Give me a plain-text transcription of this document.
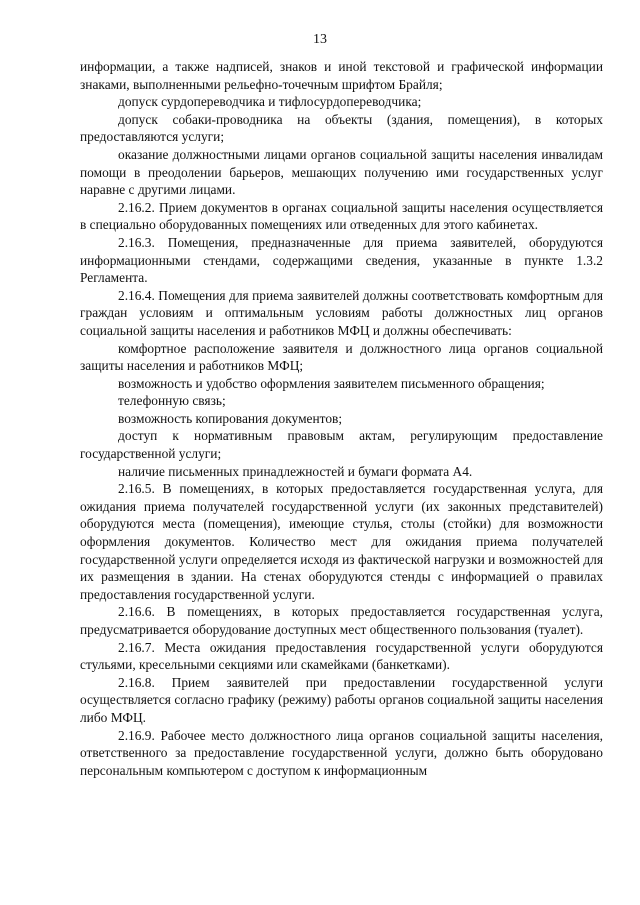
13

информации, а также надписей, знаков и иной текстовой и графической информации знаками, выполненными рельефно-точечным шрифтом Брайля;

допуск сурдопереводчика и тифлосурдопереводчика;

допуск собаки-проводника на объекты (здания, помещения), в которых предоставляются услуги;

оказание должностными лицами органов социальной защиты населения инвалидам помощи в преодолении барьеров, мешающих получению ими государственных услуг наравне с другими лицами.

2.16.2. Прием документов в органах социальной защиты населения осуществляется в специально оборудованных помещениях или отведенных для этого кабинетах.

2.16.3. Помещения, предназначенные для приема заявителей, оборудуются информационными стендами, содержащими сведения, указанные в пункте 1.3.2 Регламента.

2.16.4. Помещения для приема заявителей должны соответствовать комфортным для граждан условиям и оптимальным условиям работы должностных лиц органов социальной защиты населения и работников МФЦ и должны обеспечивать:

комфортное расположение заявителя и должностного лица органов социальной защиты населения и работников МФЦ;

возможность и удобство оформления заявителем письменного обращения;

телефонную связь;

возможность копирования документов;

доступ к нормативным правовым актам, регулирующим предоставление государственной услуги;

наличие письменных принадлежностей и бумаги формата А4.

2.16.5. В помещениях, в которых предоставляется государственная услуга, для ожидания приема получателей государственной услуги (их законных представителей) оборудуются места (помещения), имеющие стулья, столы (стойки) для возможности оформления документов. Количество мест для ожидания приема получателей государственной услуги определяется исходя из фактической нагрузки и возможностей для их размещения в здании. На стенах оборудуются стенды с информацией о правилах предоставления государственной услуги.

2.16.6. В помещениях, в которых предоставляется государственная услуга, предусматривается оборудование доступных мест общественного пользования (туалет).

2.16.7. Места ожидания предоставления государственной услуги оборудуются стульями, кресельными секциями или скамейками (банкетками).

2.16.8. Прием заявителей при предоставлении государственной услуги осуществляется согласно графику (режиму) работы органов социальной защиты населения либо МФЦ.

2.16.9. Рабочее место должностного лица органов социальной защиты населения, ответственного за предоставление государственной услуги, должно быть оборудовано персональным компьютером с доступом к информационным
